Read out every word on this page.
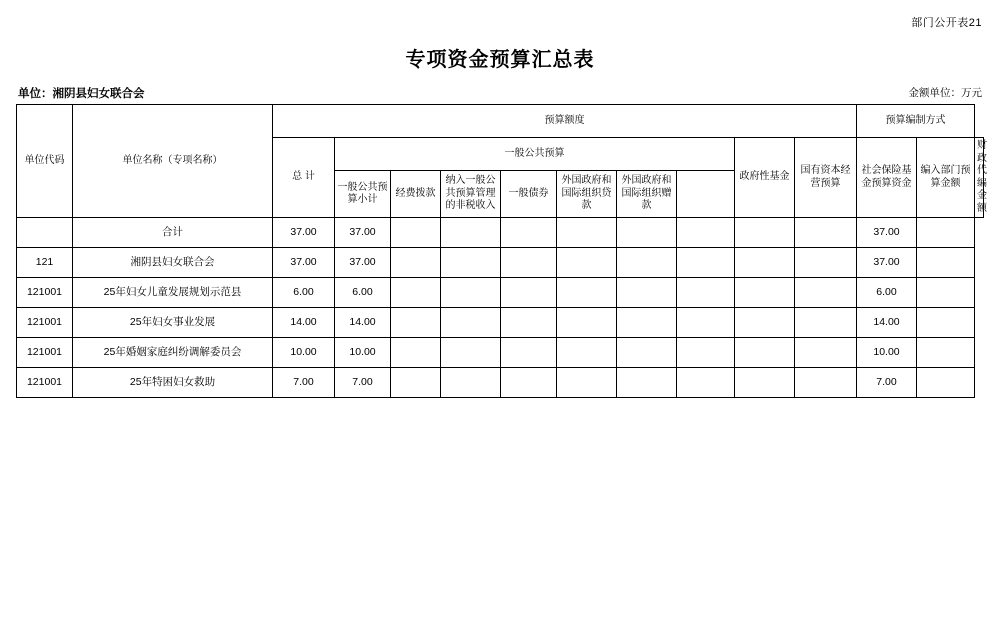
部门公开表21
专项资金预算汇总表
单位：湘阴县妇女联合会	金额单位：万元
单位代码	单位名称（专项名称）	预算额度										预算编制方式		
		总 计	一般公共预算							政府性基金	国有资本经营预算	社会保险基金预算资金	编入部门预算金额	财政代编金额
			一般公共预算小计	经费拨款	纳入一般公共预算管理的非税收入	一般债券	外国政府和国际组织贷款	外国政府和国际组织赠款						

	合计	37.00	37.00									37.00		
121	湘阴县妇女联合会	37.00	37.00									37.00		
121001	25年妇女儿童发展规划示范县	6.00	6.00									6.00		
121001	25年妇女事业发展	14.00	14.00									14.00		
121001	25年婚姻家庭纠纷调解委员会	10.00	10.00									10.00		
121001	25年特困妇女救助	7.00	7.00									7.00		
